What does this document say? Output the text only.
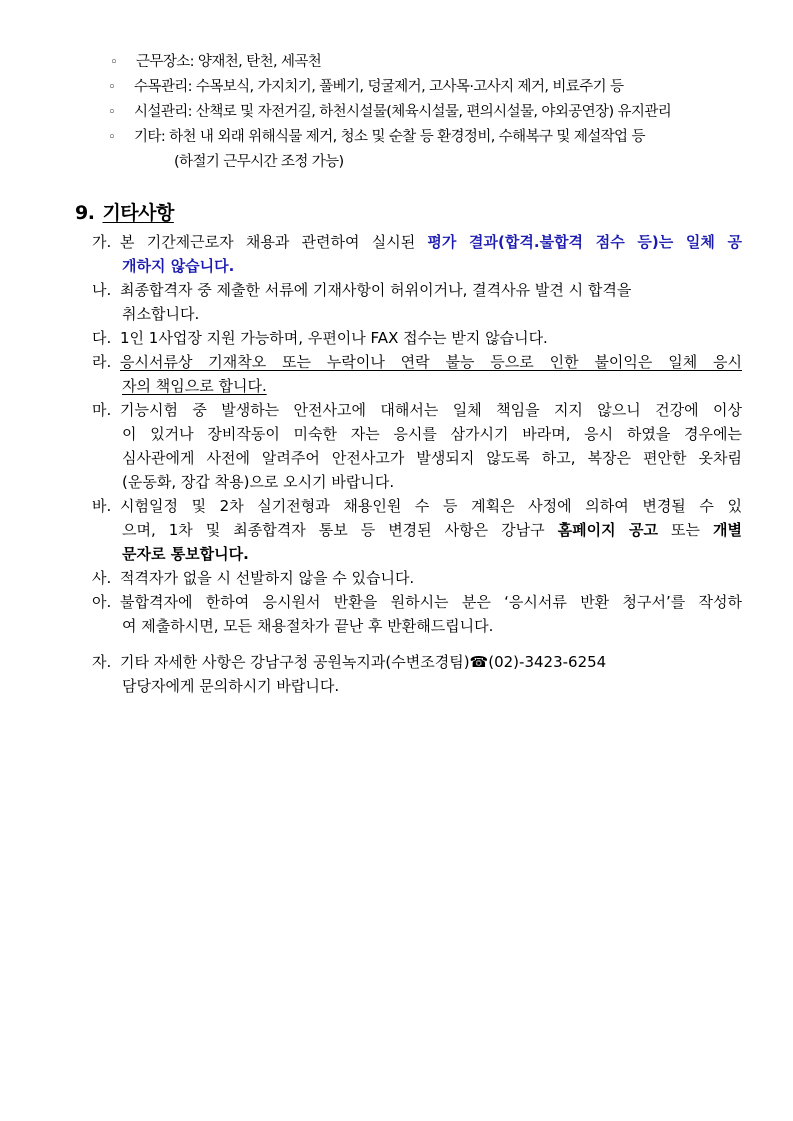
◦ 근무장소: 양재천, 탄천, 세곡천
◦ 수목관리: 수목보식, 가지치기, 풀베기, 덩굴제거, 고사목·고사지 제거, 비료주기 등
◦ 시설관리: 산책로 및 자전거길, 하천시설물(체육시설물, 편의시설물, 야외공연장) 유지관리
◦ 기타: 하천 내 외래 위해식물 제거, 청소 및 순찰 등 환경정비, 수해복구 및 제설작업 등
(하절기 근무시간 조정 가능)
9. 기타사항
가. 본 기간제근로자 채용과 관련하여 실시된 평가 결과(합격.불합격 점수 등)는 일체 공
개하지 않습니다.
나. 최종합격자 중 제출한 서류에 기재사항이 허위이거나, 결격사유 발견 시 합격을
취소합니다.
다. 1인 1사업장 지원 가능하며, 우편이나 FAX 접수는 받지 않습니다.
라. 응시서류상 기재착오 또는 누락이나 연락 불능 등으로 인한 불이익은 일체 응시
자의 책임으로 합니다.
마. 기능시험 중 발생하는 안전사고에 대해서는 일체 책임을 지지 않으니 건강에 이상
이 있거나 장비작동이 미숙한 자는 응시를 삼가시기 바라며, 응시 하였을 경우에는
심사관에게 사전에 알려주어 안전사고가 발생되지 않도록 하고, 복장은 편안한 옷차림
(운동화, 장갑 착용)으로 오시기 바랍니다.
바. 시험일정 및 2차 실기전형과 채용인원 수 등 계획은 사정에 의하여 변경될 수 있
으며, 1차 및 최종합격자 통보 등 변경된 사항은 강남구 홈페이지 공고 또는 개별
문자로 통보합니다.
사. 적격자가 없을 시 선발하지 않을 수 있습니다.
아. 불합격자에 한하여 응시원서 반환을 원하시는 분은 ‘응시서류 반환 청구서’를 작성하
여 제출하시면, 모든 채용절차가 끝난 후 반환해드립니다.
자. 기타 자세한 사항은 강남구청 공원녹지과(수변조경팀)☎(02)-3423-6254
담당자에게 문의하시기 바랍니다.
